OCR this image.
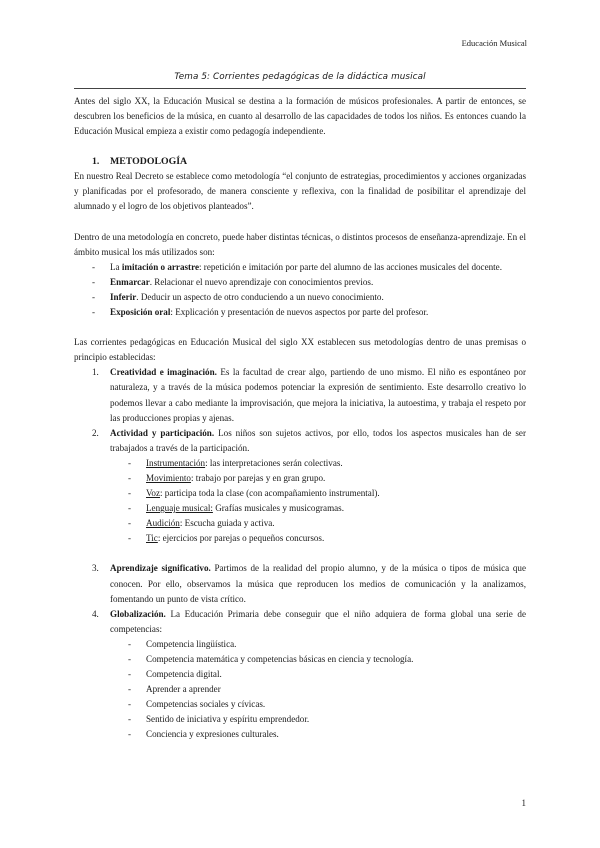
Educación Musical
Tema 5: Corrientes pedagógicas de la didáctica musical

Antes del siglo XX, la Educación Musical se destina a la formación de músicos profesionales. A partir de entonces, se descubren los beneficios de la música, en cuanto al desarrollo de las capacidades de todos los niños. Es entonces cuando la Educación Musical empieza a existir como pedagogía independiente.

1. METODOLOGÍA

En nuestro Real Decreto se establece como metodología “el conjunto de estrategias, procedimientos y acciones organizadas y planificadas por el profesorado, de manera consciente y reflexiva, con la finalidad de posibilitar el aprendizaje del alumnado y el logro de los objetivos planteados”.

Dentro de una metodología en concreto, puede haber distintas técnicas, o distintos procesos de enseñanza-aprendizaje. En el ámbito musical los más utilizados son:

- La imitación o arrastre: repetición e imitación por parte del alumno de las acciones musicales del docente.
- Enmarcar. Relacionar el nuevo aprendizaje con conocimientos previos.
- Inferir. Deducir un aspecto de otro conduciendo a un nuevo conocimiento.
- Exposición oral: Explicación y presentación de nuevos aspectos por parte del profesor.

Las corrientes pedagógicas en Educación Musical del siglo XX establecen sus metodologías dentro de unas premisas o principio establecidas:

1. Creatividad e imaginación. Es la facultad de crear algo, partiendo de uno mismo. El niño es espontáneo por naturaleza, y a través de la música podemos potenciar la expresión de sentimiento. Este desarrollo creativo lo podemos llevar a cabo mediante la improvisación, que mejora la iniciativa, la autoestima, y trabaja el respeto por las producciones propias y ajenas.
2. Actividad y participación. Los niños son sujetos activos, por ello, todos los aspectos musicales han de ser trabajados a través de la participación.
- Instrumentación: las interpretaciones serán colectivas.
- Movimiento: trabajo por parejas y en gran grupo.
- Voz: participa toda la clase (con acompañamiento instrumental).
- Lenguaje musical: Grafías musicales y musicogramas.
- Audición: Escucha guiada y activa.
- Tic: ejercicios por parejas o pequeños concursos.
3. Aprendizaje significativo. Partimos de la realidad del propio alumno, y de la música o tipos de música que conocen. Por ello, observamos la música que reproducen los medios de comunicación y la analizamos, fomentando un punto de vista crítico.
4. Globalización. La Educación Primaria debe conseguir que el niño adquiera de forma global una serie de competencias:
- Competencia lingüística.
- Competencia matemática y competencias básicas en ciencia y tecnología.
- Competencia digital.
- Aprender a aprender
- Competencias sociales y cívicas.
- Sentido de iniciativa y espíritu emprendedor.
- Conciencia y expresiones culturales.
1
